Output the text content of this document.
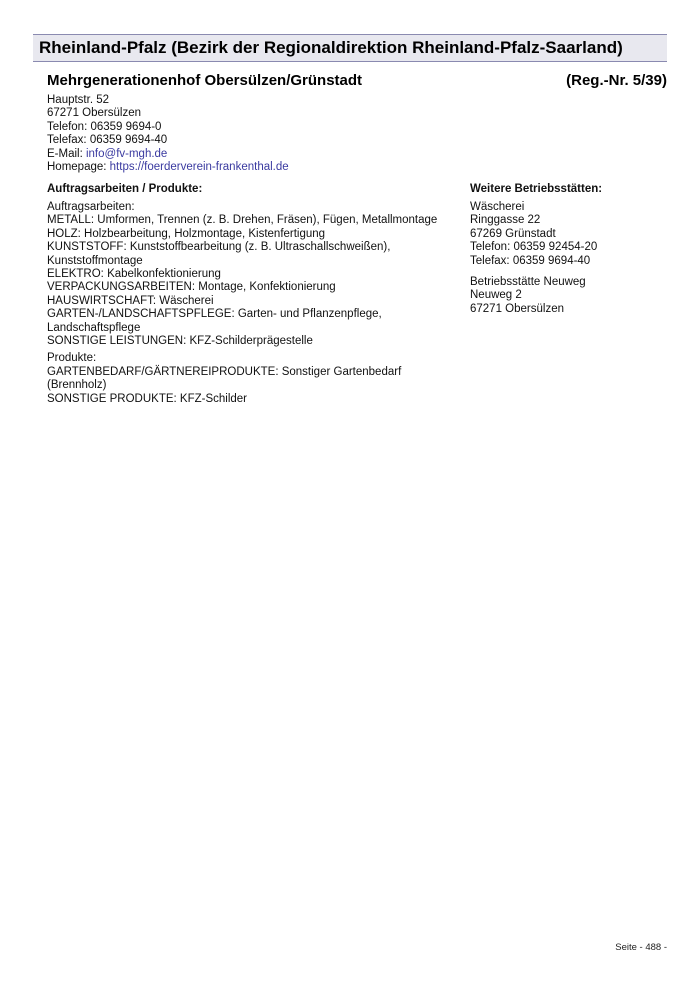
Rheinland-Pfalz (Bezirk der Regionaldirektion Rheinland-Pfalz-Saarland)
Mehrgenerationenhof Obersülzen/Grünstadt	(Reg.-Nr. 5/39)
Hauptstr. 52
67271 Obersülzen
Telefon: 06359 9694-0
Telefax: 06359 9694-40
E-Mail: info@fv-mgh.de
Homepage: https://foerderverein-frankenthal.de
Auftragsarbeiten / Produkte:
Auftragsarbeiten:
METALL: Umformen, Trennen (z. B. Drehen, Fräsen), Fügen, Metallmontage
HOLZ: Holzbearbeitung, Holzmontage, Kistenfertigung
KUNSTSTOFF: Kunststoffbearbeitung (z. B. Ultraschallschweißen),
Kunststoffmontage
ELEKTRO: Kabelkonfektionierung
VERPACKUNGSARBEITEN: Montage, Konfektionierung
HAUSWIRTSCHAFT: Wäscherei
GARTEN-/LANDSCHAFTSPFLEGE: Garten- und Pflanzenpflege,
Landschaftspflege
SONSTIGE LEISTUNGEN: KFZ-Schilderprägestelle
Produkte:
GARTENBEDARF/GÄRTNEREIPRODUKTE: Sonstiger Gartenbedarf
(Brennholz)
SONSTIGE PRODUKTE: KFZ-Schilder
Weitere Betriebsstätten:
Wäscherei
Ringgasse 22
67269 Grünstadt
Telefon: 06359 92454-20
Telefax: 06359 9694-40
Betriebsstätte Neuweg
Neuweg 2
67271 Obersülzen
Seite - 488 -
